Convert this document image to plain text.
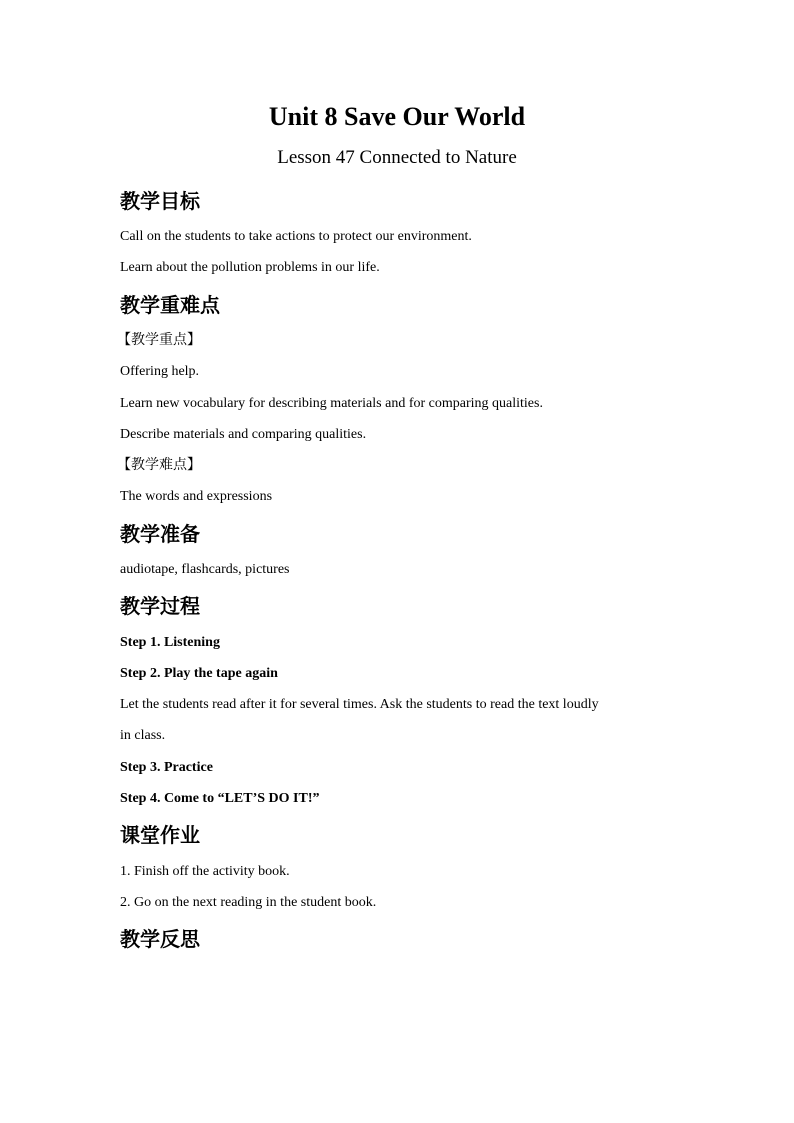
Unit 8 Save Our World
Lesson 47 Connected to Nature
教学目标
Call on the students to take actions to protect our environment.
Learn about the pollution problems in our life.
教学重难点
【教学重点】
Offering help.
Learn new vocabulary for describing materials and for comparing qualities.
Describe materials and comparing qualities.
【教学难点】
The words and expressions
教学准备
audiotape, flashcards, pictures
教学过程
Step 1. Listening
Step 2. Play the tape again
Let the students read after it for several times. Ask the students to read the text loudly
in class.
Step 3. Practice
Step 4. Come to “LET’S DO IT!”
课堂作业
1. Finish off the activity book.
2. Go on the next reading in the student book.
教学反思
